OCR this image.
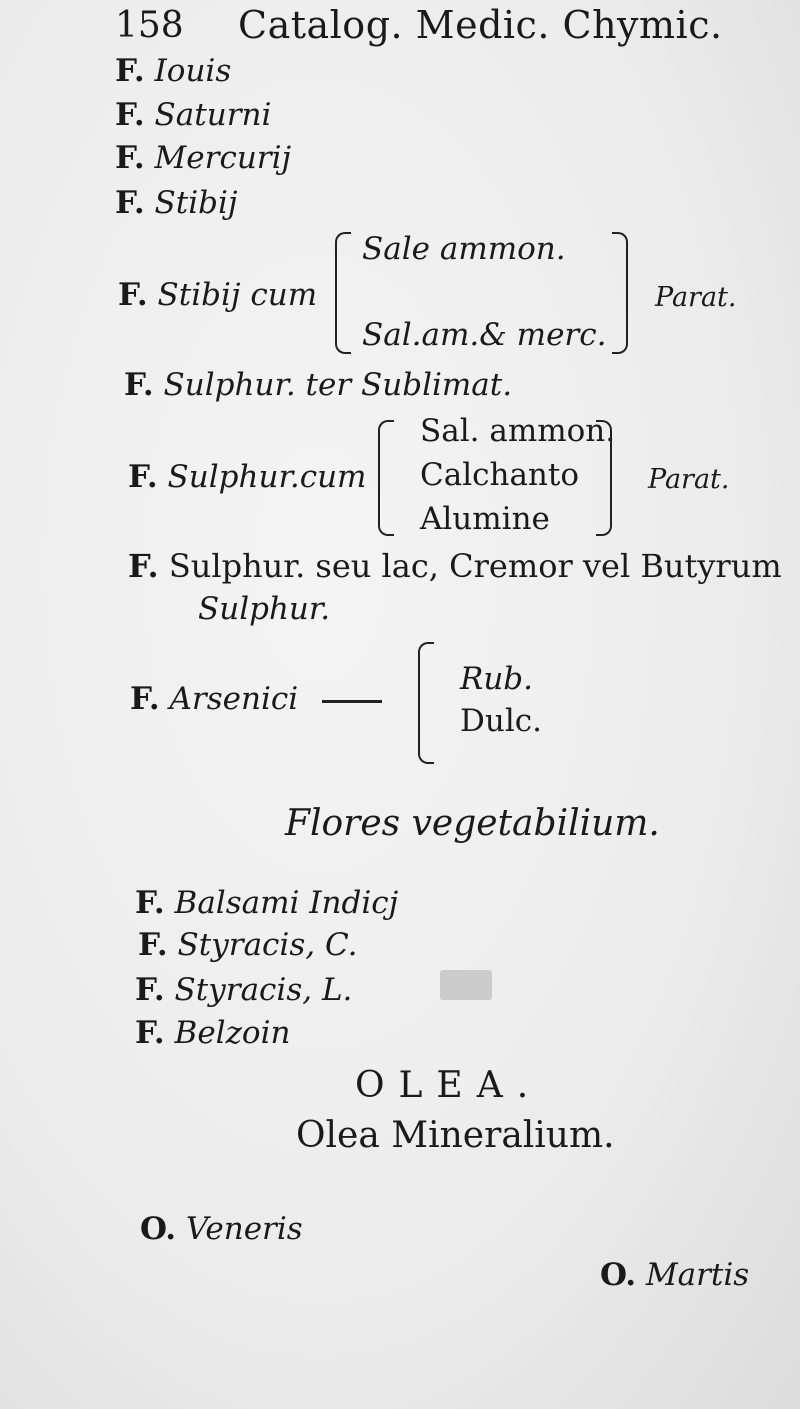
158 Catalog. Medic. Chymic.
F. Iouis
F. Saturni
F. Mercurij
F. Stibij
F. Stibij cum
Sale ammon.
Sal.am.& merc.
Parat.
F. Sulphur. ter Sublimat.
F. Sulphur.cum
Sal. ammon.
Calchanto
Alumine
Parat.
F. Sulphur. seu lac, Cremor vel Butyrum
Sulphur.
F. Arsenici
Rub.
Dulc.
Flores vegetabilium.
F. Balsami Indicj
F. Styracis, C.
F. Styracis, L.
F. Belzoin
OLEA.
Olea Mineralium.
O. Veneris
O. Martis
